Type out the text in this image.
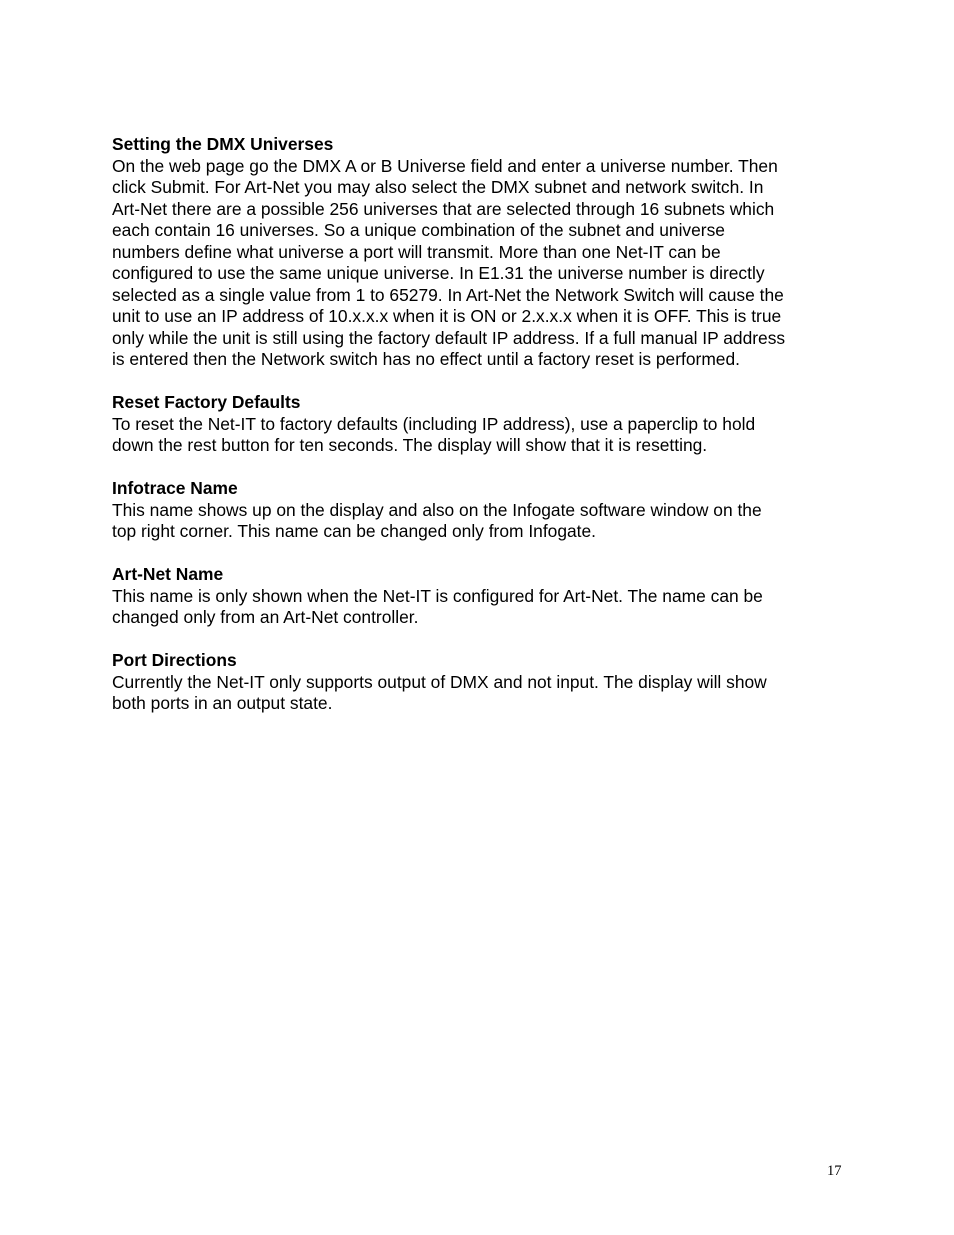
Setting the DMX Universes
On the web page go the DMX A or B Universe field and enter a universe number. Then
click Submit. For Art-Net you may also select the DMX subnet and network switch. In
Art-Net there are a possible 256 universes that are selected through 16 subnets which
each contain 16 universes. So a unique combination of the subnet and universe
numbers define what universe a port will transmit. More than one Net-IT can be
configured to use the same unique universe. In E1.31 the universe number is directly
selected as a single value from 1 to 65279. In Art-Net the Network Switch will cause the
unit to use an IP address of 10.x.x.x when it is ON or 2.x.x.x when it is OFF. This is true
only while the unit is still using the factory default IP address. If a full manual IP address
is entered then the Network switch has no effect until a factory reset is performed.
Reset Factory Defaults
To reset the Net-IT to factory defaults (including IP address), use a paperclip to hold
down the rest button for ten seconds. The display will show that it is resetting.
Infotrace Name
This name shows up on the display and also on the Infogate software window on the
top right corner. This name can be changed only from Infogate.
Art-Net Name
This name is only shown when the Net-IT is configured for Art-Net. The name can be
changed only from an Art-Net controller.
Port Directions
Currently the Net-IT only supports output of DMX and not input. The display will show
both ports in an output state.
17
